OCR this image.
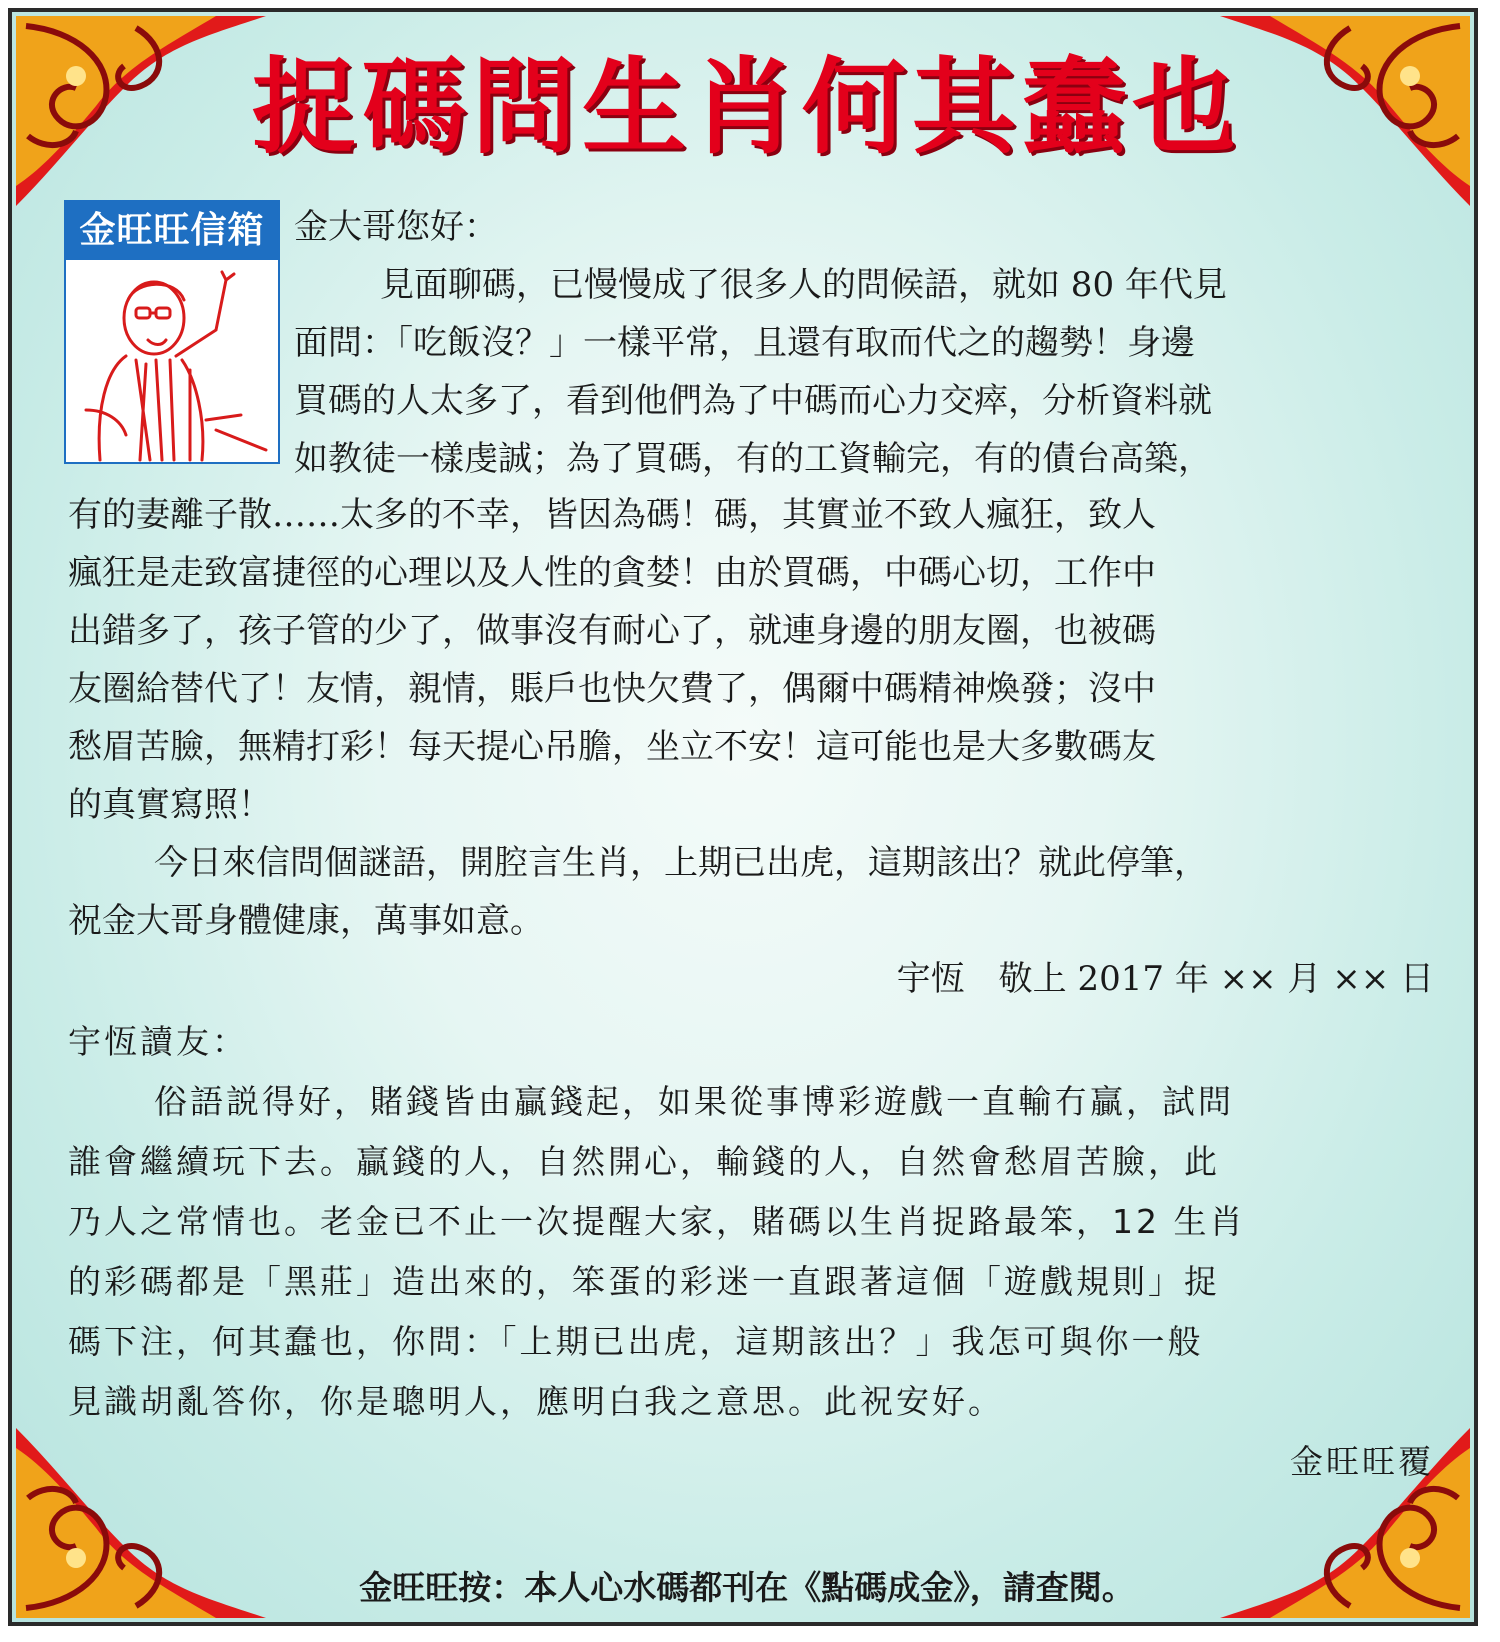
捉碼問生肖何其蠢也
金旺旺信箱 金大哥您好：
見面聊碼，已慢慢成了很多人的問候語，就如 80 年代見
面問：「吃飯沒？」一樣平常，且還有取而代之的趨勢！身邊
買碼的人太多了，看到他們為了中碼而心力交瘁，分析資料就
如教徒一樣虔誠；為了買碼，有的工資輸完，有的債台高築，
有的妻離子散……太多的不幸，皆因為碼！碼，其實並不致人瘋狂，致人
瘋狂是走致富捷徑的心理以及人性的貪婪！由於買碼，中碼心切，工作中
出錯多了，孩子管的少了，做事沒有耐心了，就連身邊的朋友圈，也被碼
友圈給替代了！友情，親情，賬戶也快欠費了，偶爾中碼精神煥發；沒中
愁眉苦臉，無精打彩！每天提心吊膽，坐立不安！這可能也是大多數碼友
的真實寫照！
今日來信問個謎語，開腔言生肖，上期已出虎，這期該出？就此停筆，
祝金大哥身體健康，萬事如意。
宇恆　敬上 2017 年 ×× 月 ×× 日
宇恆讀友：
俗語説得好，賭錢皆由贏錢起，如果從事博彩遊戲一直輸冇贏，試問
誰會繼續玩下去。贏錢的人，自然開心，輸錢的人，自然會愁眉苦臉，此
乃人之常情也。老金已不止一次提醒大家，賭碼以生肖捉路最笨，12 生肖
的彩碼都是「黑莊」造出來的，笨蛋的彩迷一直跟著這個「遊戲規則」捉
碼下注，何其蠢也，你問：「上期已出虎，這期該出？」我怎可與你一般
見識胡亂答你，你是聰明人，應明白我之意思。此祝安好。
金旺旺覆
金旺旺按：本人心水碼都刊在《點碼成金》，請查閱。
